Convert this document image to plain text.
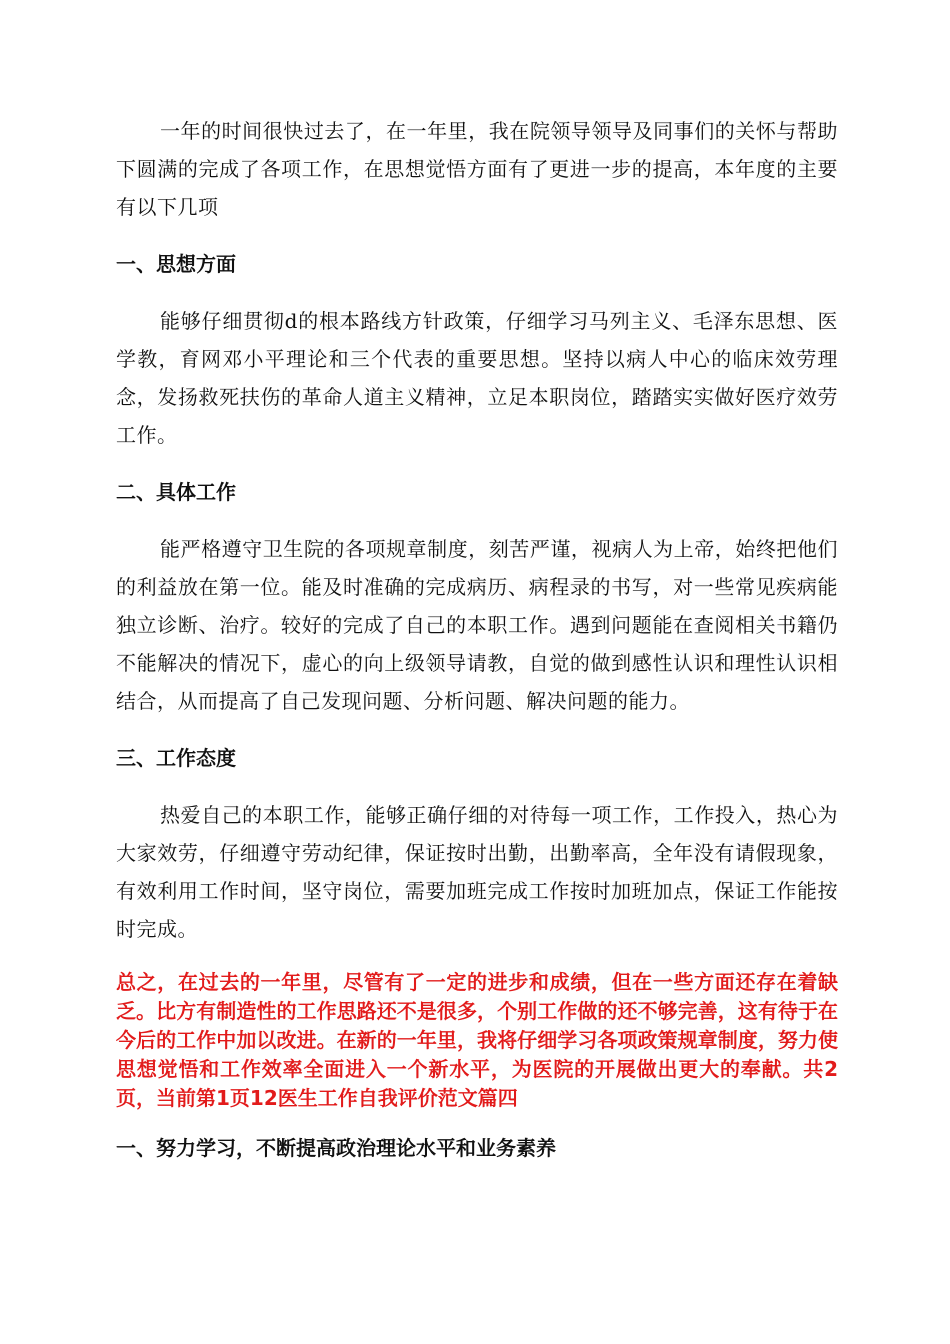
一年的时间很快过去了，在一年里，我在院领导领导及同事们的关怀与帮助下圆满的完成了各项工作，在思想觉悟方面有了更进一步的提高，本年度的主要有以下几项

一、思想方面

能够仔细贯彻d的根本路线方针政策，仔细学习马列主义、毛泽东思想、医学教，育网邓小平理论和三个代表的重要思想。坚持以病人中心的临床效劳理念，发扬救死扶伤的革命人道主义精神，立足本职岗位，踏踏实实做好医疗效劳工作。

二、具体工作

能严格遵守卫生院的各项规章制度，刻苦严谨，视病人为上帝，始终把他们的利益放在第一位。能及时准确的完成病历、病程录的书写，对一些常见疾病能独立诊断、治疗。较好的完成了自己的本职工作。遇到问题能在查阅相关书籍仍不能解决的情况下，虚心的向上级领导请教，自觉的做到感性认识和理性认识相结合，从而提高了自己发现问题、分析问题、解决问题的能力。

三、工作态度

热爱自己的本职工作，能够正确仔细的对待每一项工作，工作投入，热心为大家效劳，仔细遵守劳动纪律，保证按时出勤，出勤率高，全年没有请假现象，有效利用工作时间，坚守岗位，需要加班完成工作按时加班加点，保证工作能按时完成。

总之，在过去的一年里，尽管有了一定的进步和成绩，但在一些方面还存在着缺乏。比方有制造性的工作思路还不是很多，个别工作做的还不够完善，这有待于在今后的工作中加以改进。在新的一年里，我将仔细学习各项政策规章制度，努力使思想觉悟和工作效率全面进入一个新水平，为医院的开展做出更大的奉献。共2页，当前第1页12医生工作自我评价范文篇四

一、努力学习，不断提高政治理论水平和业务素养
